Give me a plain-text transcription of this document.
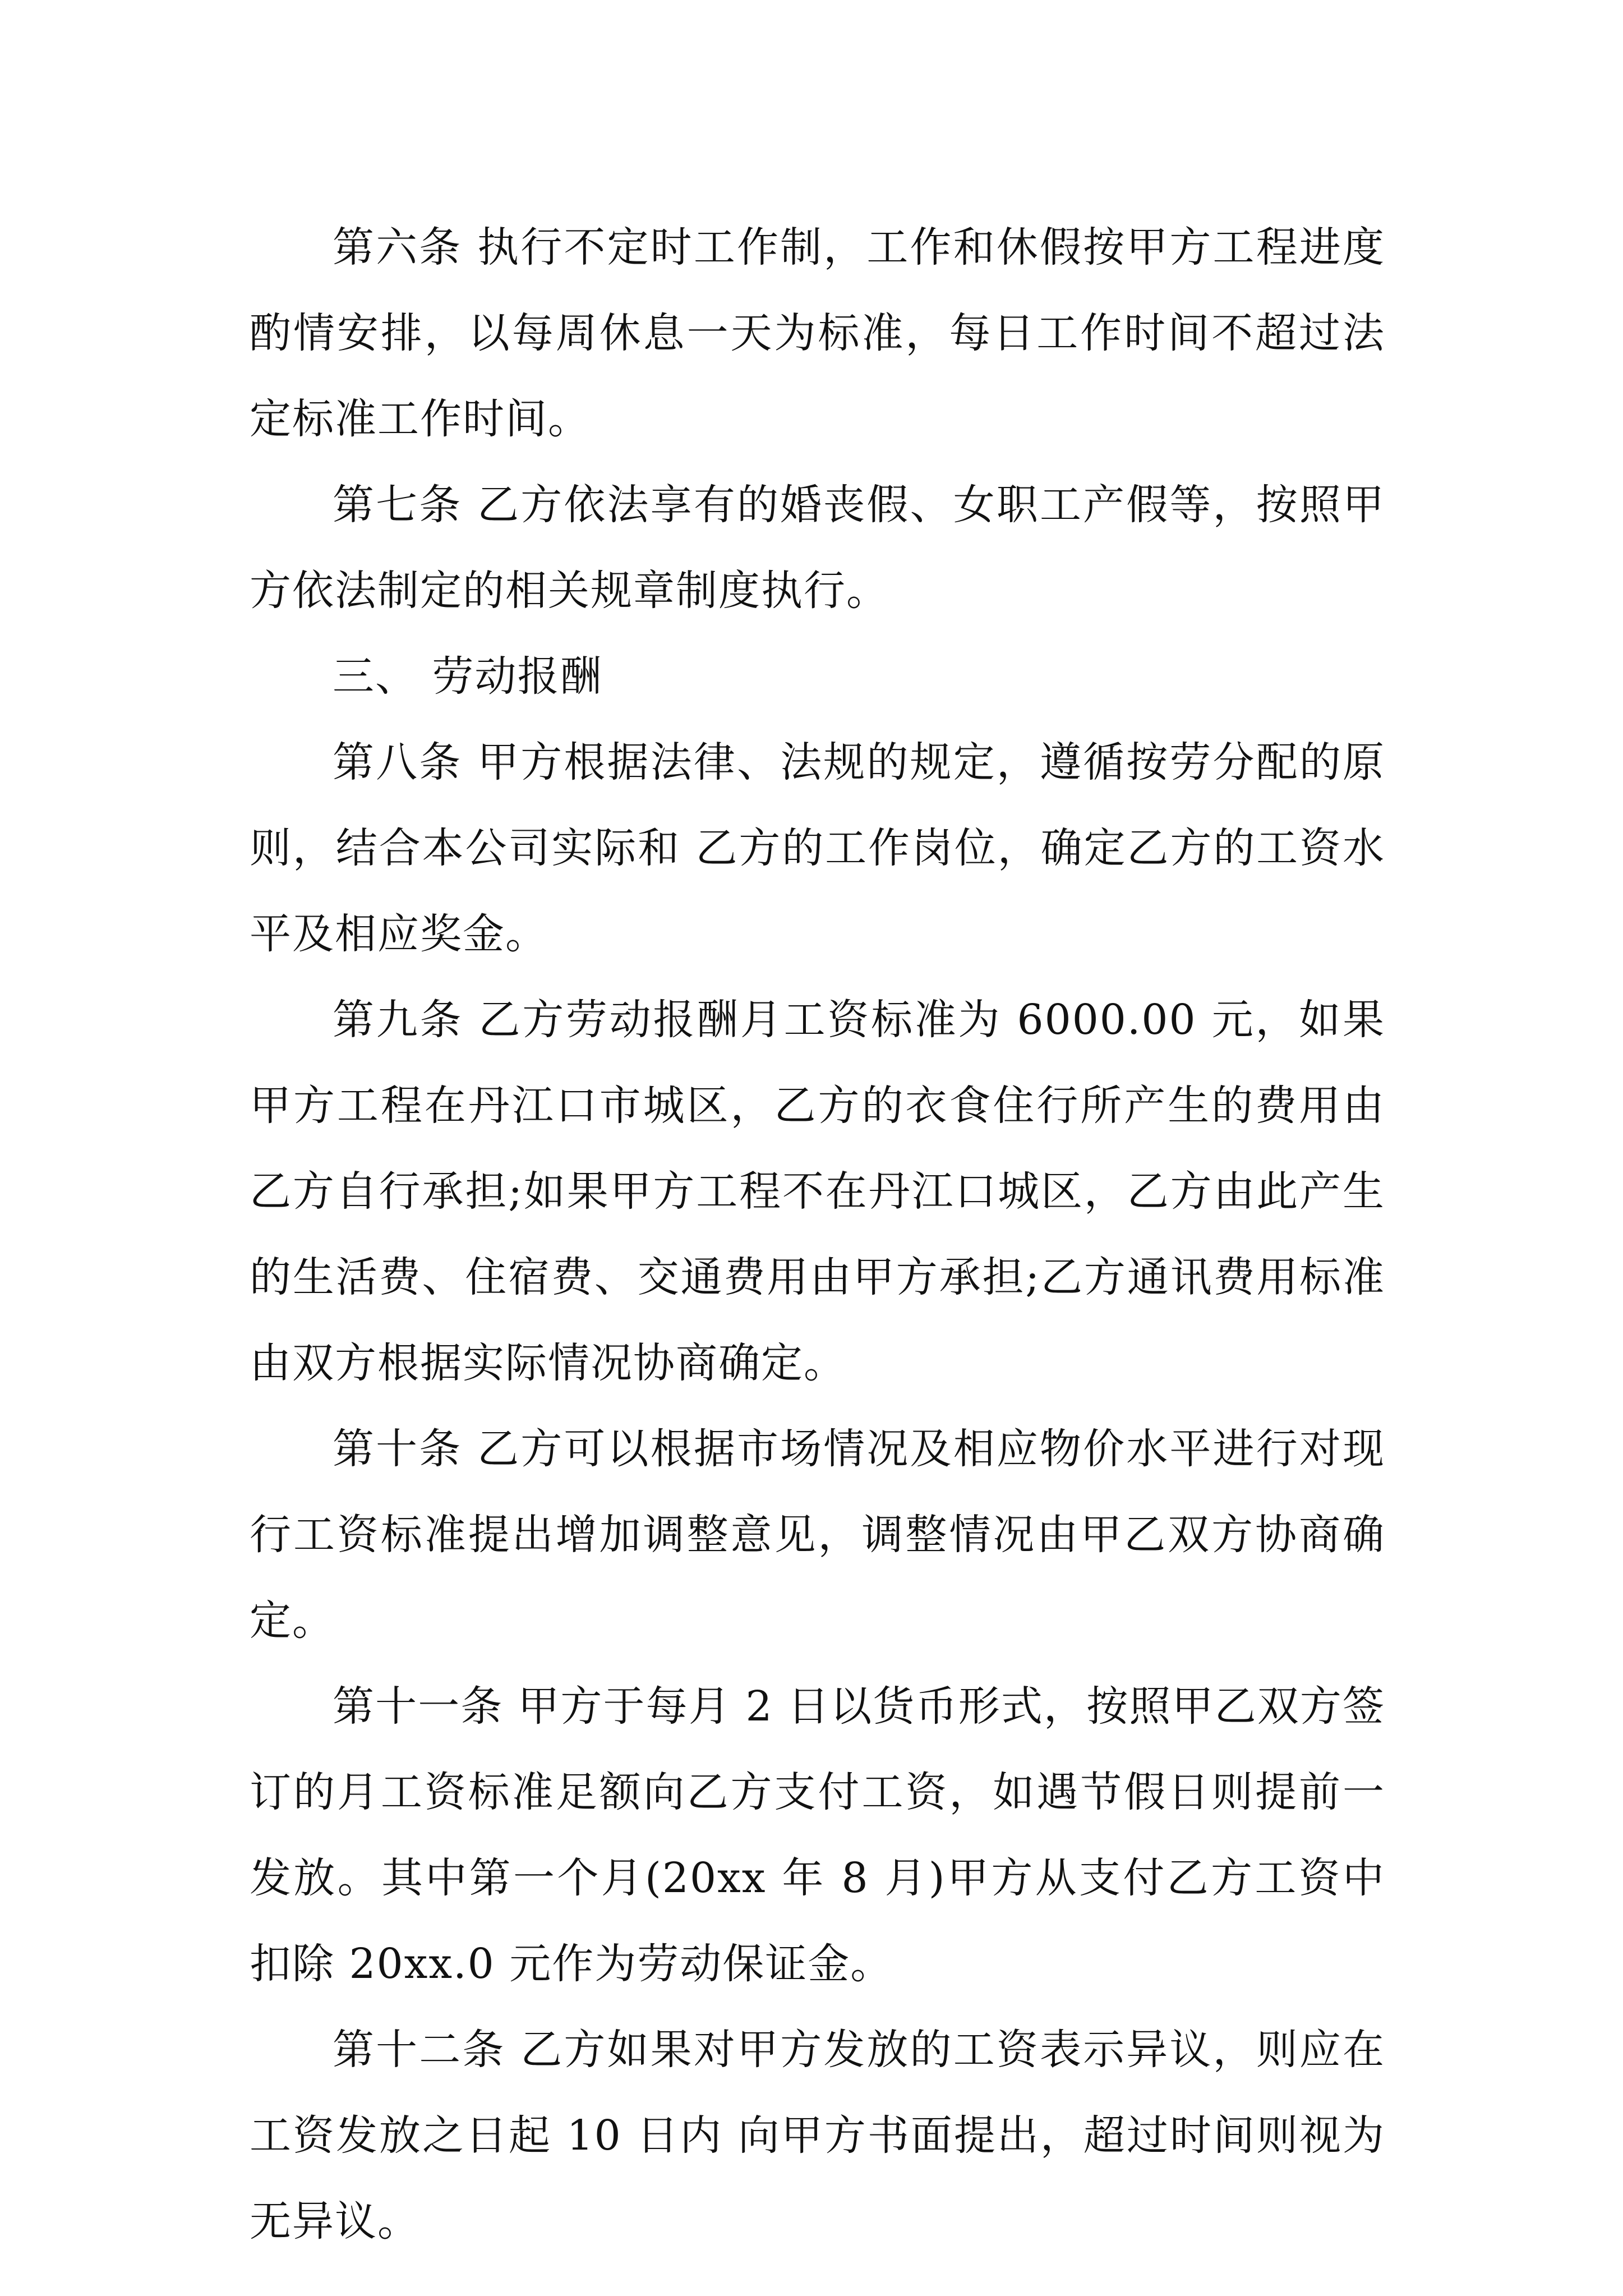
第六条 执行不定时工作制，工作和休假按甲方工程进度酌情安排，以每周休息一天为标准，每日工作时间不超过法定标准工作时间。

第七条 乙方依法享有的婚丧假、女职工产假等，按照甲方依法制定的相关规章制度执行。

三、 劳动报酬

第八条 甲方根据法律、法规的规定，遵循按劳分配的原则，结合本公司实际和 乙方的工作岗位，确定乙方的工资水平及相应奖金。

第九条 乙方劳动报酬月工资标准为 6000.00 元，如果甲方工程在丹江口市城区，乙方的衣食住行所产生的费用由乙方自行承担;如果甲方工程不在丹江口城区，乙方由此产生的生活费、住宿费、交通费用由甲方承担;乙方通讯费用标准由双方根据实际情况协商确定。

第十条 乙方可以根据市场情况及相应物价水平进行对现行工资标准提出增加调整意见，调整情况由甲乙双方协商确定。

第十一条 甲方于每月 2 日以货币形式，按照甲乙双方签订的月工资标准足额向乙方支付工资，如遇节假日则提前一发放。其中第一个月(20xx 年 8 月)甲方从支付乙方工资中扣除 20xx.0 元作为劳动保证金。

第十二条 乙方如果对甲方发放的工资表示异议，则应在工资发放之日起 10 日内 向甲方书面提出，超过时间则视为无异议。
